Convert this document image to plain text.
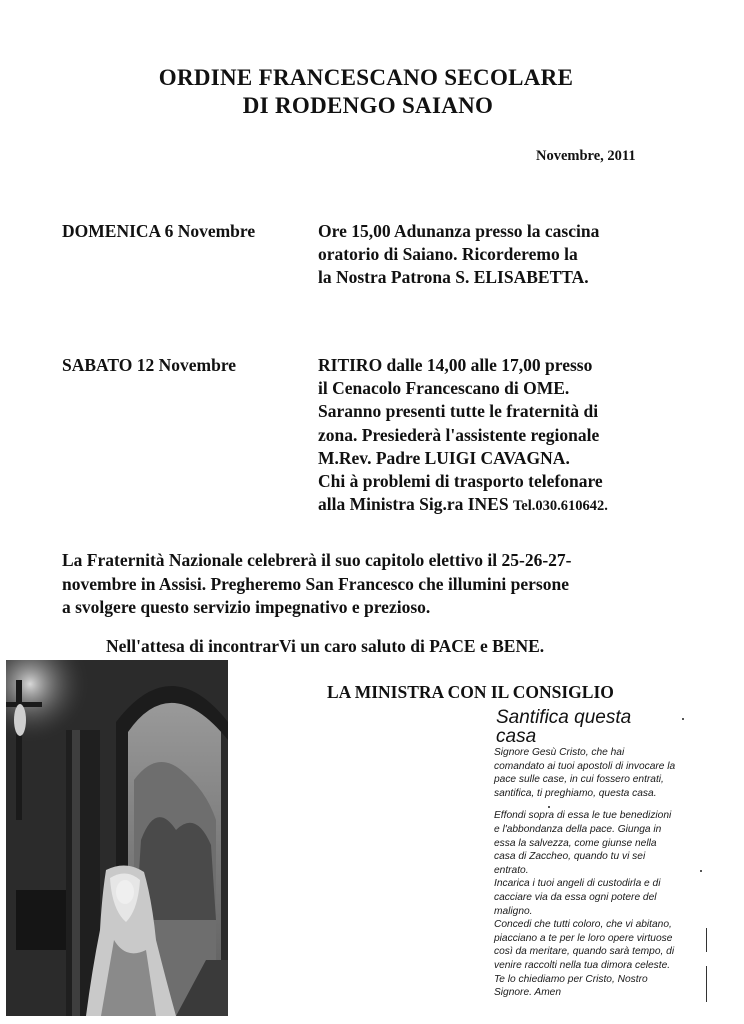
ORDINE FRANCESCANO SECOLARE
DI RODENGO SAIANO
Novembre, 2011
DOMENICA 6 Novembre	Ore 15,00 Adunanza presso la cascina
oratorio di Saiano. Ricorderemo la
la Nostra Patrona S. ELISABETTA.
SABATO 12 Novembre	RITIRO dalle 14,00 alle 17,00 presso
il Cenacolo Francescano di OME.
Saranno presenti tutte le fraternità di
zona. Presiederà l'assistente regionale
M.Rev. Padre LUIGI CAVAGNA.
Chi à problemi di trasporto telefonare
alla Ministra Sig.ra INES Tel.030.610642.
La Fraternità Nazionale celebrerà il suo capitolo elettivo il 25-26-27-
novembre in Assisi. Pregheremo San Francesco che illumini persone
a svolgere questo servizio impegnativo e prezioso.
Nell'attesa di incontrarVi un caro saluto di PACE e BENE.
LA MINISTRA CON IL CONSIGLIO
Santifica questa
casa
Signore Gesù Cristo, che hai
comandato ai tuoi apostoli di invocare la
pace sulle case, in cui fossero entrati,
santifica, ti preghiamo, questa casa.
Effondi sopra di essa le tue benedizioni
e l'abbondanza della pace. Giunga in
essa la salvezza, come giunse nella
casa di Zaccheo, quando tu vi sei
entrato.
Incarica i tuoi angeli di custodirla e di
cacciare via da essa ogni potere del
maligno.
Concedi che tutti coloro, che vi abitano,
piacciano a te per le loro opere virtuose
così da meritare, quando sarà tempo, di
venire raccolti nella tua dimora celeste.
Te lo chiediamo per Cristo, Nostro
Signore. Amen
